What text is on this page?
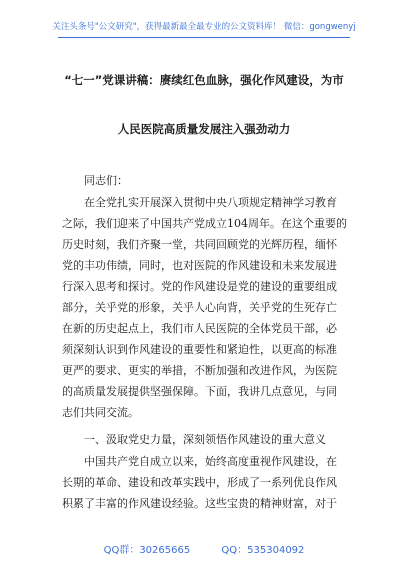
关注头条号"公文研究"，获得最新最全最专业的公文资料库！ 微信：gongwenyj
“七一”党课讲稿：赓续红色血脉，强化作风建设，为市
人民医院高质量发展注入强劲动力
同志们：
在全党扎实开展深入贯彻中央八项规定精神学习教育
之际，我们迎来了中国共产党成立104周年。在这个重要的
历史时刻，我们齐聚一堂，共同回顾党的光辉历程，缅怀
党的丰功伟绩，同时，也对医院的作风建设和未来发展进
行深入思考和探讨。党的作风建设是党的建设的重要组成
部分，关乎党的形象，关乎人心向背，关乎党的生死存亡
在新的历史起点上，我们市人民医院的全体党员干部，必
须深刻认识到作风建设的重要性和紧迫性，以更高的标准
更严的要求、更实的举措，不断加强和改进作风，为医院
的高质量发展提供坚强保障。下面，我讲几点意见，与同
志们共同交流。
一、汲取党史力量，深刻领悟作风建设的重大意义
中国共产党自成立以来，始终高度重视作风建设，在
长期的革命、建设和改革实践中，形成了一系列优良作风
积累了丰富的作风建设经验。这些宝贵的精神财富，对于
QQ群：30265665	QQ：535304092
